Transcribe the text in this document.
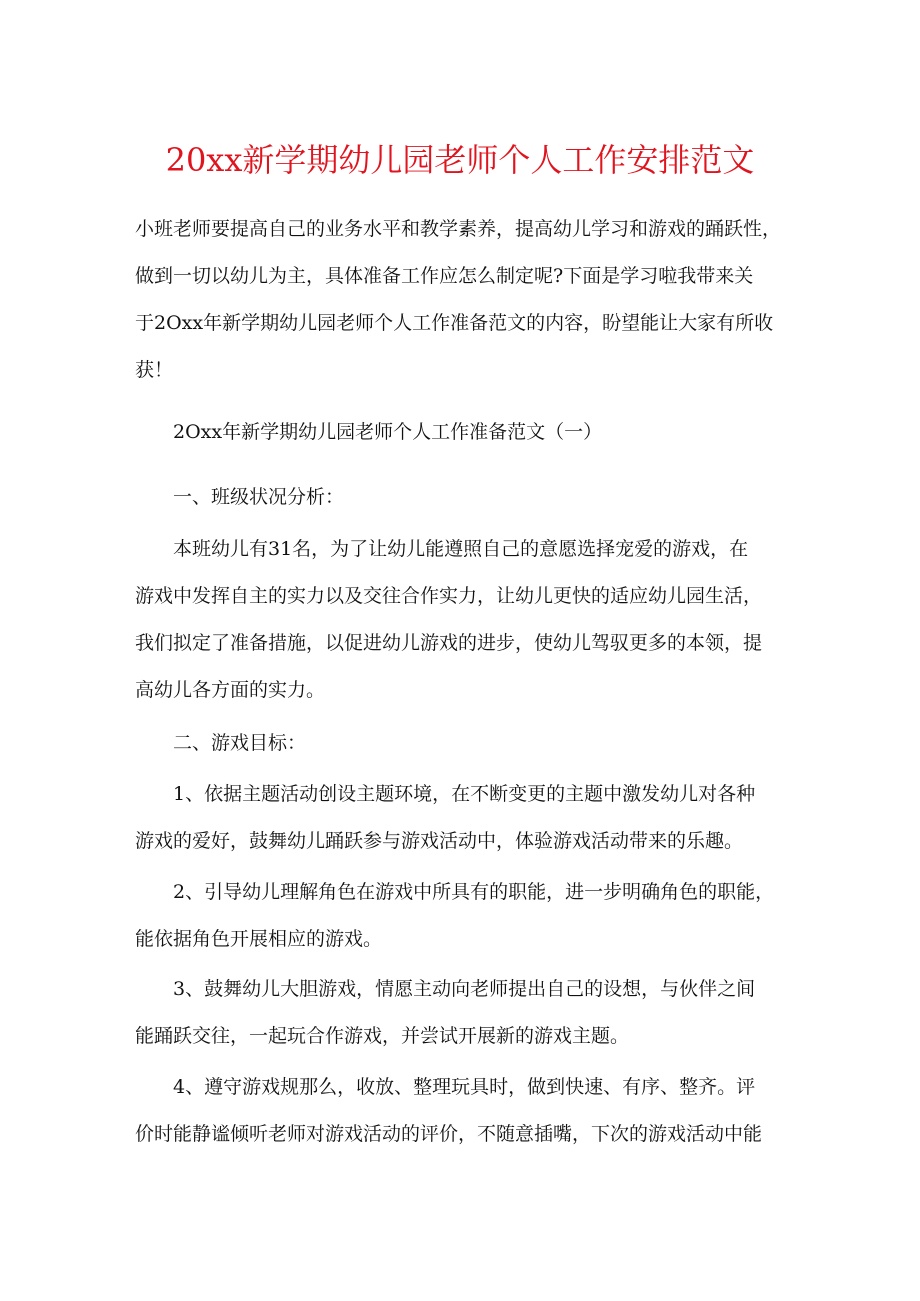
20xx新学期幼儿园老师个人工作安排范文
小班老师要提高自己的业务水平和教学素养，提高幼儿学习和游戏的踊跃性，
做到一切以幼儿为主，具体准备工作应怎么制定呢?下面是学习啦我带来关
于2Oxx年新学期幼儿园老师个人工作准备范文的内容，盼望能让大家有所收
获！
2Oxx年新学期幼儿园老师个人工作准备范文（一）
一、班级状况分析：
本班幼儿有31名，为了让幼儿能遵照自己的意愿选择宠爱的游戏，在
游戏中发挥自主的实力以及交往合作实力，让幼儿更快的适应幼儿园生活，
我们拟定了准备措施，以促进幼儿游戏的进步，使幼儿驾驭更多的本领，提
高幼儿各方面的实力。
二、游戏目标：
1、依据主题活动创设主题环境，在不断变更的主题中激发幼儿对各种
游戏的爱好，鼓舞幼儿踊跃参与游戏活动中，体验游戏活动带来的乐趣。
2、引导幼儿理解角色在游戏中所具有的职能，进一步明确角色的职能，
能依据角色开展相应的游戏。
3、鼓舞幼儿大胆游戏，情愿主动向老师提出自己的设想，与伙伴之间
能踊跃交往，一起玩合作游戏，并尝试开展新的游戏主题。
4、遵守游戏规那么，收放、整理玩具时，做到快速、有序、整齐。评
价时能静谧倾听老师对游戏活动的评价，不随意插嘴，下次的游戏活动中能
